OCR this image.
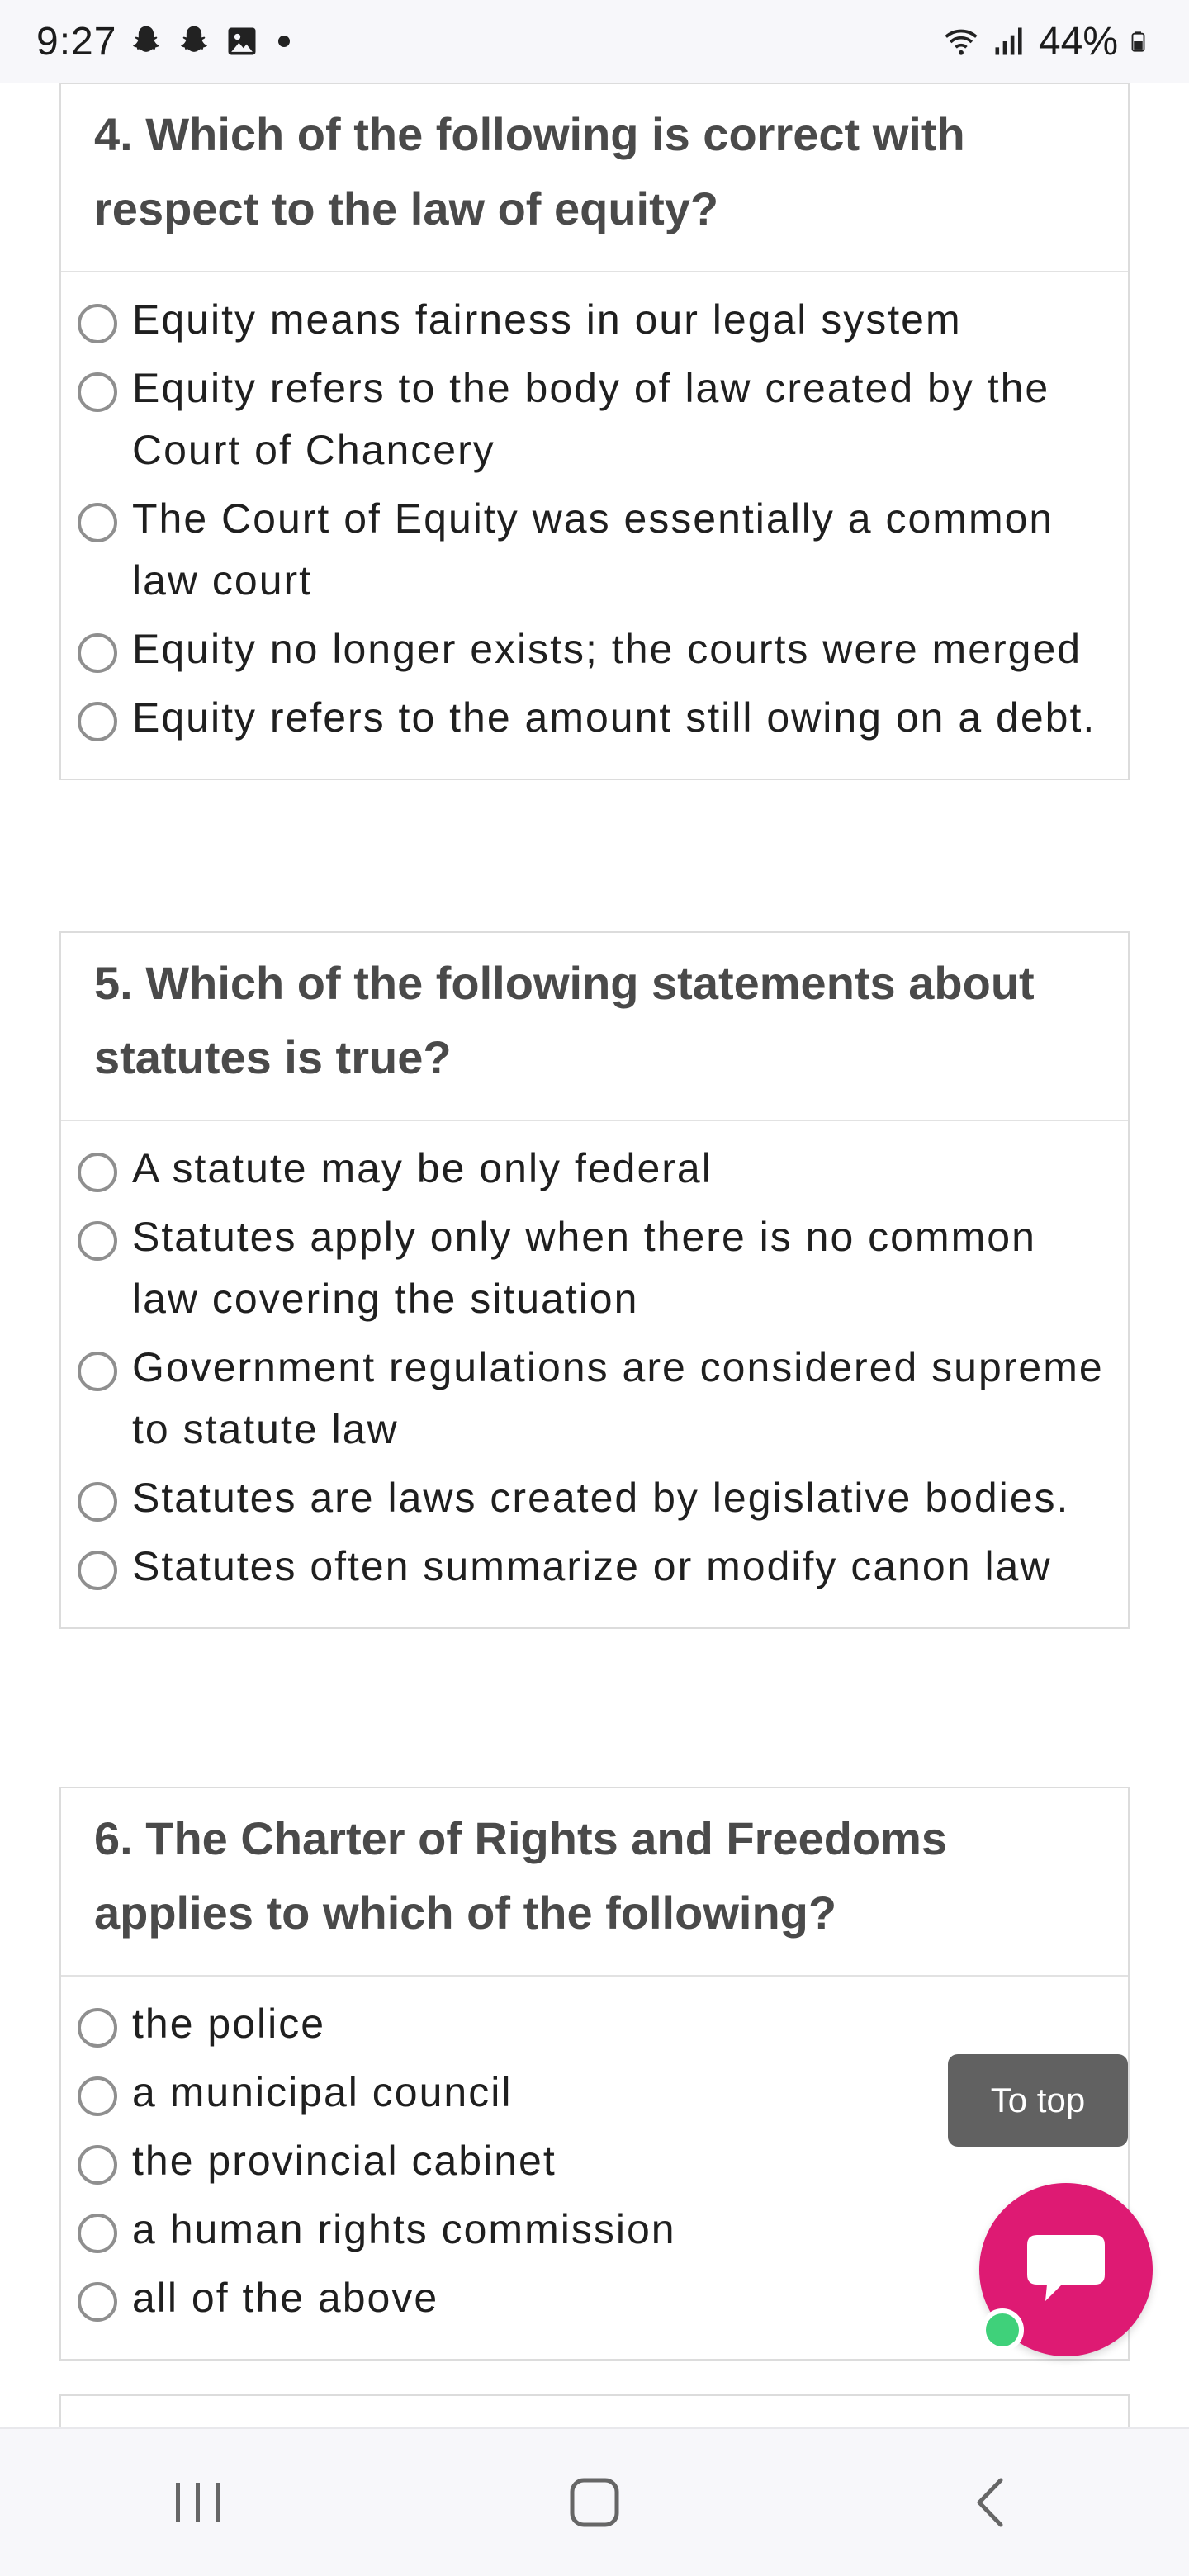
9:27	44%
4. Which of the following is correct with respect to the law of equity?
Equity means fairness in our legal system
Equity refers to the body of law created by the Court of Chancery
The Court of Equity was essentially a common law court
Equity no longer exists; the courts were merged
Equity refers to the amount still owing on a debt.
5. Which of the following statements about statutes is true?
A statute may be only federal
Statutes apply only when there is no common law covering the situation
Government regulations are considered supreme to statute law
Statutes are laws created by legislative bodies.
Statutes often summarize or modify canon law
6. The Charter of Rights and Freedoms applies to which of the following?
the police
a municipal council
the provincial cabinet
a human rights commission
all of the above
To top
